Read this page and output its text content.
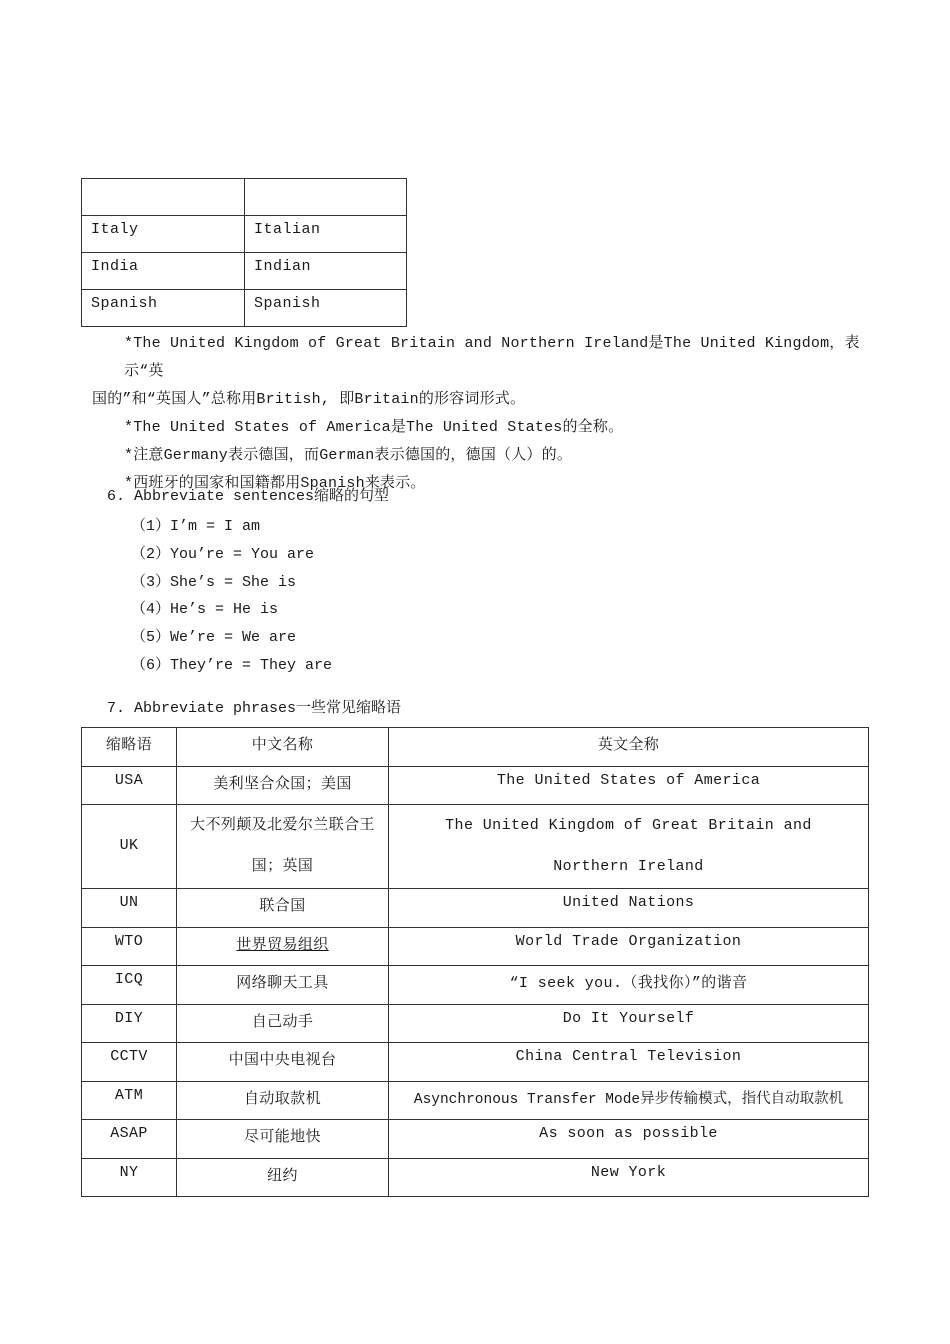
Italy	Italian
India	Indian
Spanish	Spanish
*The United Kingdom of Great Britain and Northern Ireland是The United Kingdom，表示“英
国的”和“英国人”总称用British, 即Britain的形容词形式。
*The United States of America是The United States的全称。
*注意Germany表示德国，而German表示德国的，德国（人）的。
*西班牙的国家和国籍都用Spanish来表示。
6. Abbreviate sentences缩略的句型
（1）I’m = I am
（2）You’re = You are
（3）She’s = She is
（4）He’s = He is
（5）We’re = We are
（6）They’re = They are
7. Abbreviate phrases一些常见缩略语
缩略语	中文名称	英文全称
USA	美利坚合众国；美国	The United States of America
UK	大不列颠及北爱尔兰联合王国；英国	The United Kingdom of Great Britain and Northern Ireland
UN	联合国	United Nations
WTO	世界贸易组织	World Trade Organization
ICQ	网络聊天工具	“I seek you.（我找你）”的谐音
DIY	自己动手	Do It Yourself
CCTV	中国中央电视台	China Central Television
ATM	自动取款机	Asynchronous Transfer Mode异步传输模式，指代自动取款机
ASAP	尽可能地快	As soon as possible
NY	纽约	New York
